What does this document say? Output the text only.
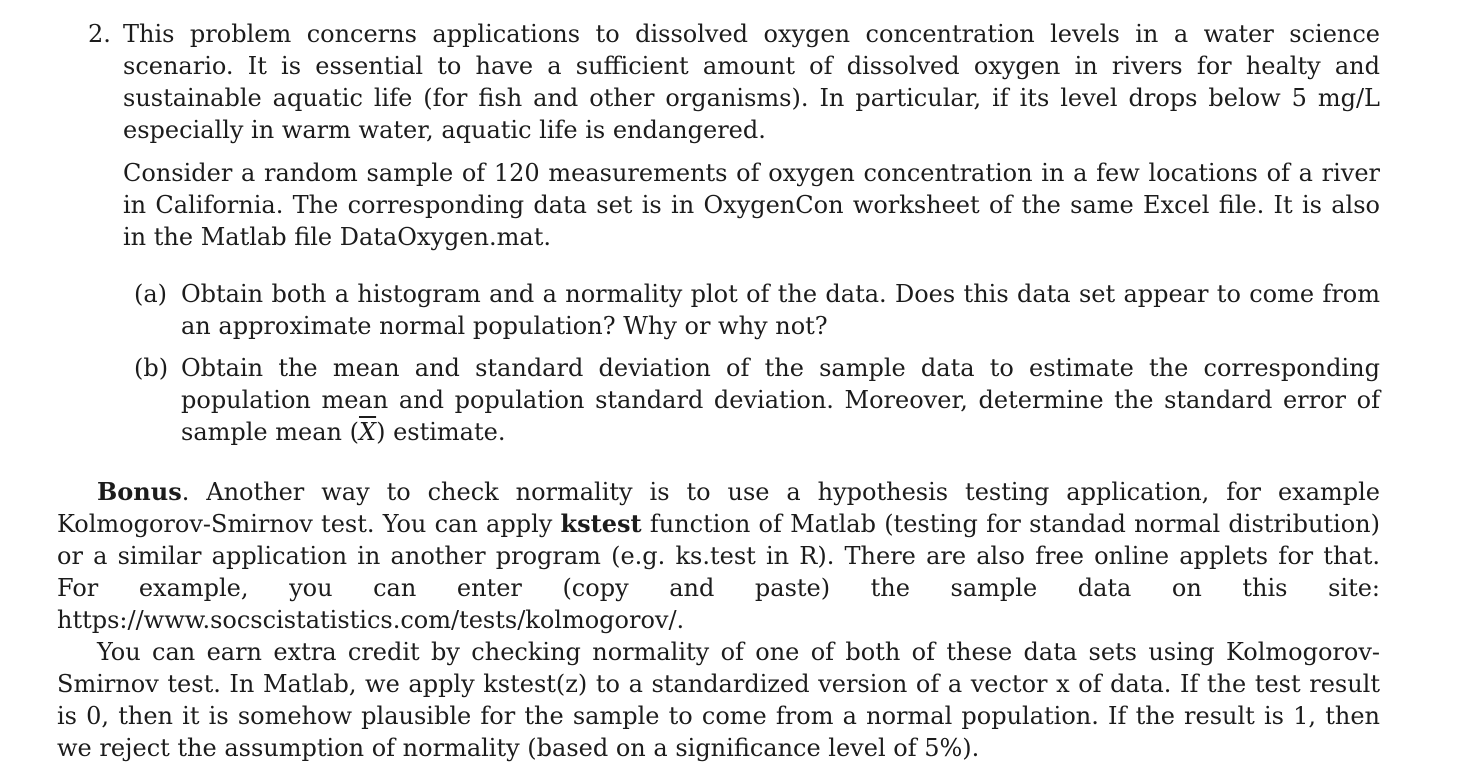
2. This problem concerns applications to dissolved oxygen concentration levels in a water science scenario. It is essential to have a sufficient amount of dissolved oxygen in rivers for healty and sustainable aquatic life (for fish and other organisms). In particular, if its level drops below 5 mg/L especially in warm water, aquatic life is endangered.

Consider a random sample of 120 measurements of oxygen concentration in a few locations of a river in California. The corresponding data set is in OxygenCon worksheet of the same Excel file. It is also in the Matlab file DataOxygen.mat.

(a) Obtain both a histogram and a normality plot of the data. Does this data set appear to come from an approximate normal population? Why or why not?

(b) Obtain the mean and standard deviation of the sample data to estimate the corresponding population mean and population standard deviation. Moreover, determine the standard error of sample mean $(\overline{X})$ estimate.

Bonus. Another way to check normality is to use a hypothesis testing application, for example Kolmogorov-Smirnov test. You can apply kstest function of Matlab (testing for standad normal distribution) or a similar application in another program (e.g. ks.test in R). There are also free online applets for that. For example, you can enter (copy and paste) the sample data on this site: https://www.socscistatistics.com/tests/kolmogorov/.

You can earn extra credit by checking normality of one of both of these data sets using Kolmogorov-Smirnov test. In Matlab, we apply kstest(z) to a standardized version of a vector x of data. If the test result is 0, then it is somehow plausible for the sample to come from a normal population. If the result is 1, then we reject the assumption of normality (based on a significance level of 5%).
